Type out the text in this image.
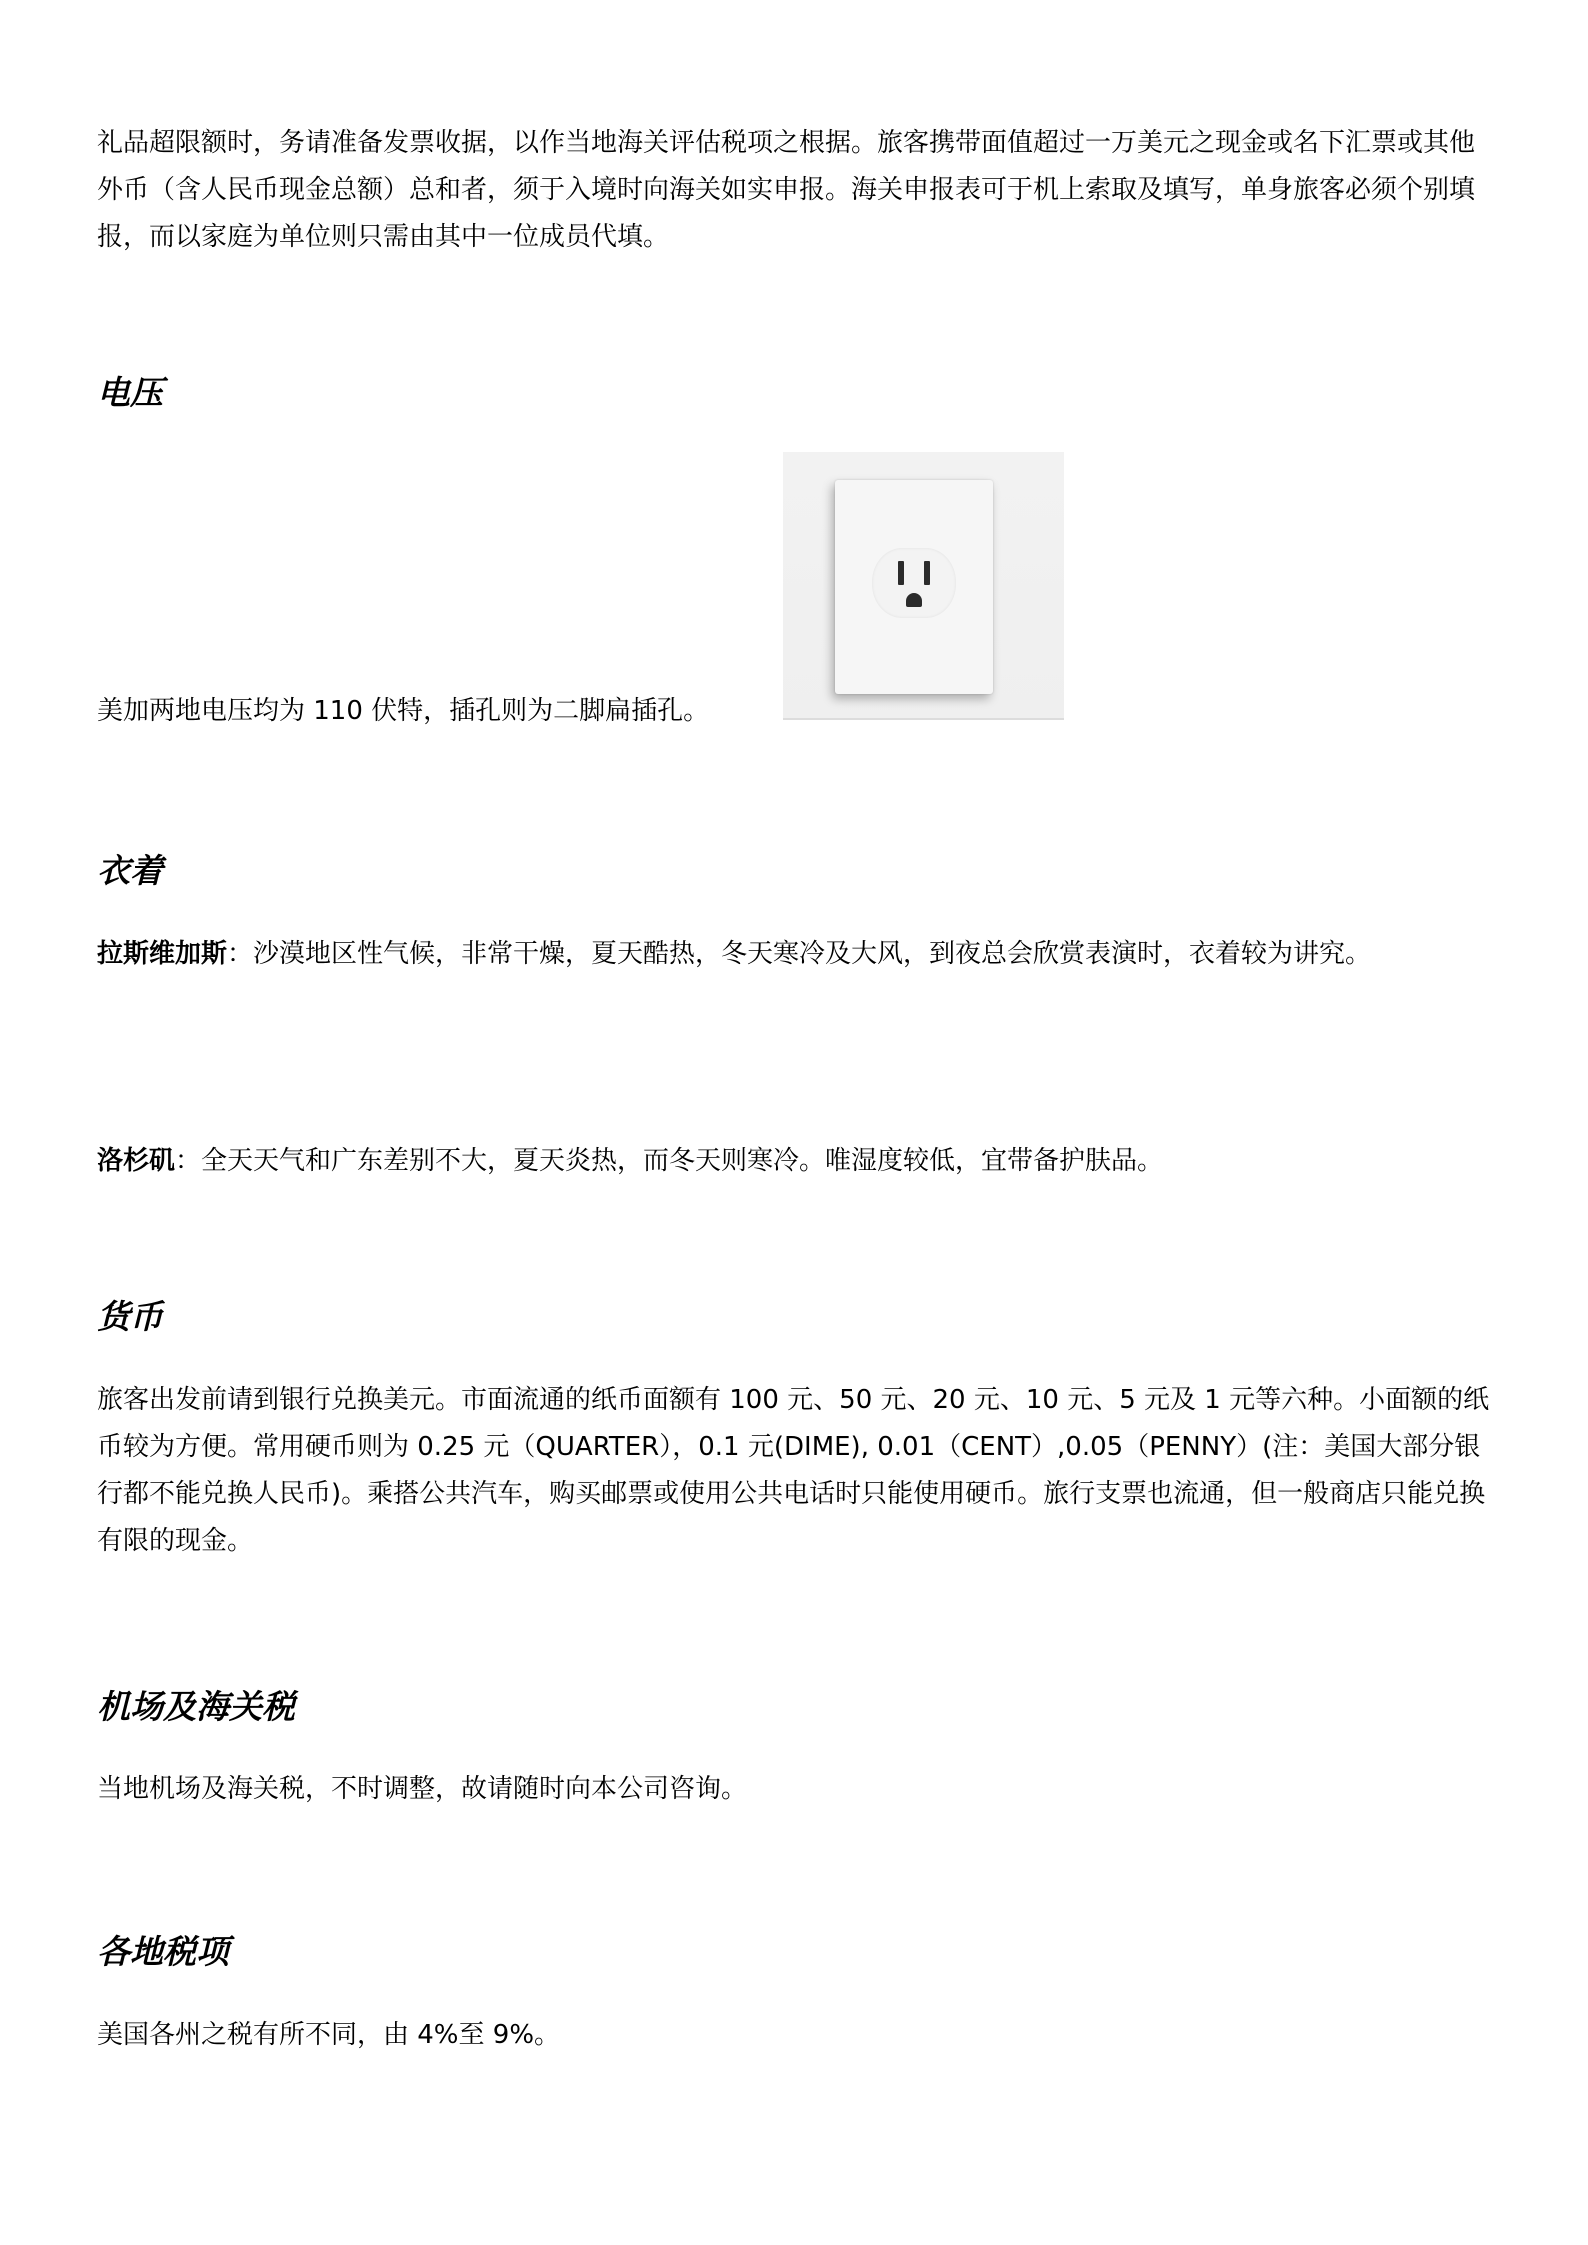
礼品超限额时，务请准备发票收据，以作当地海关评估税项之根据。旅客携带面值超过一万美元之现金或名下汇票或其他外币（含人民币现金总额）总和者，须于入境时向海关如实申报。海关申报表可于机上索取及填写，单身旅客必须个别填报，而以家庭为单位则只需由其中一位成员代填。

电压

美加两地电压均为 110 伏特，插孔则为二脚扁插孔。

衣着

拉斯维加斯：沙漠地区性气候，非常干燥，夏天酷热，冬天寒冷及大风，到夜总会欣赏表演时，衣着较为讲究。

洛杉矶：全天天气和广东差别不大，夏天炎热，而冬天则寒冷。唯湿度较低，宜带备护肤品。

货币

旅客出发前请到银行兑换美元。市面流通的纸币面额有 100 元、50 元、20 元、10 元、5 元及 1 元等六种。小面额的纸币较为方便。常用硬币则为 0.25 元（QUARTER），0.1 元(DIME), 0.01（CENT）,0.05（PENNY）(注：美国大部分银行都不能兑换人民币)。乘搭公共汽车，购买邮票或使用公共电话时只能使用硬币。旅行支票也流通，但一般商店只能兑换有限的现金。

机场及海关税

当地机场及海关税，不时调整，故请随时向本公司咨询。

各地税项

美国各州之税有所不同，由 4%至 9%。
